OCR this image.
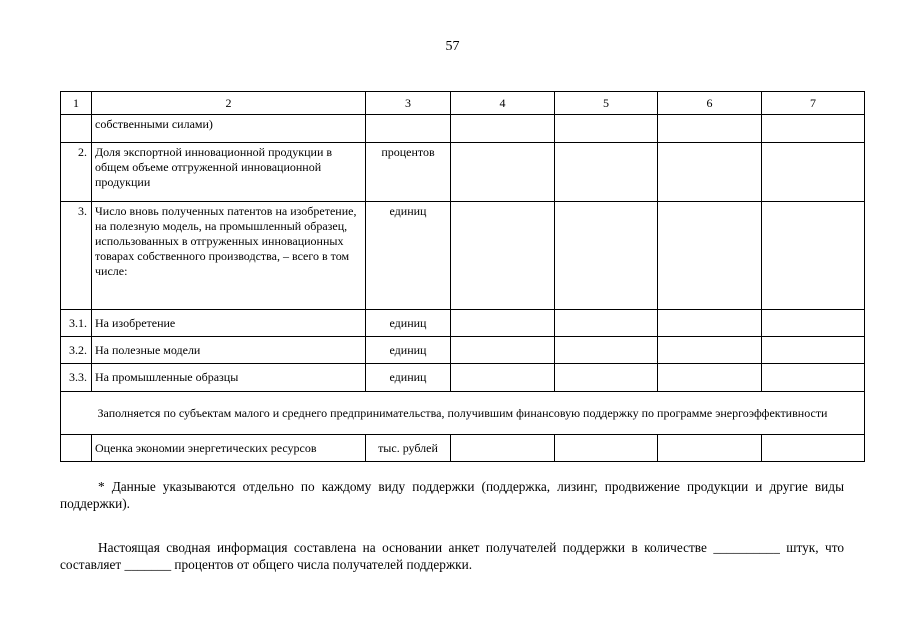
57
1	2	3	4	5	6	7
	собственными силами)					
2.	Доля экспортной инновационной продукции в общем объеме отгруженной инновационной продукции	процентов				
3.	Число вновь полученных патентов на изобретение, на полезную модель, на промышленный образец, использованных в отгруженных инновационных товарах собственного производства, – всего в том числе:	единиц				
3.1.	На изобретение	единиц				
3.2.	На полезные модели	единиц				
3.3.	На промышленные образцы	единиц				
Заполняется по субъектам малого и среднего предпринимательства, получившим финансовую поддержку по программе энергоэффективности						
	Оценка экономии энергетических ресурсов	тыс. рублей				

* Данные указываются отдельно по каждому виду поддержки (поддержка, лизинг, продвижение продукции и другие виды поддержки).

Настоящая сводная информация составлена на основании анкет получателей поддержки в количестве __________ штук, что составляет _______ процентов от общего числа получателей поддержки.
